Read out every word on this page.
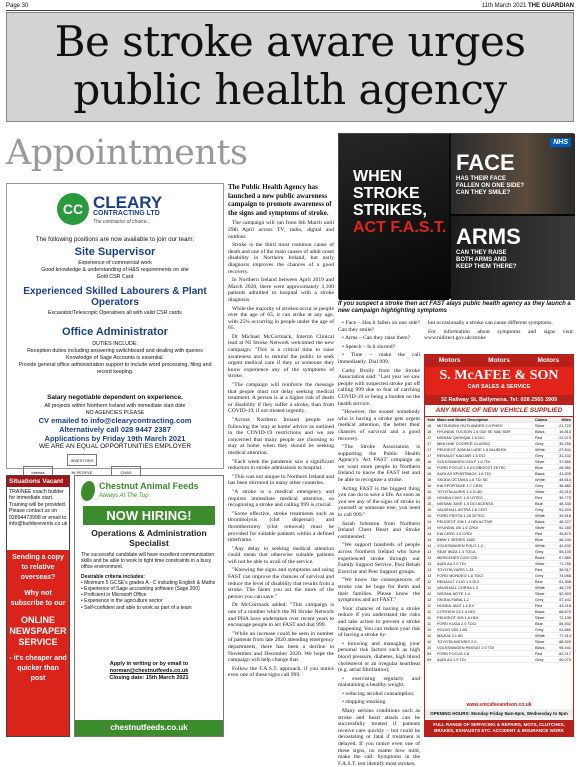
Page 30	11th March 2021 THE GUARDIAN
Be stroke aware urges public health agency
Appointments
CC CLEARY
CONTRACTING LTD
The contractor of choice...
The following positions are now available to join our team:
Site Supervisor
Experience of commercial work
Good knowledge & understanding of H&S requirements on site
Gold CSR Card
Experienced Skilled Labourers & Plant Operators
Excavator/Telescopic Operatives all with valid CSR cards
Office Administrator
DUTIES INCLUDE:
Reception duties including answering switchboard and dealing with queries
Knowledge of Sage Accounts is essential.
Provide general office administration support to include word processing, filing and record keeping.
Salary negotiable dependent on experience.
All projects within Northern Ireland with immediate start date
NO AGENCIES PLEASE
CV emailed to info@clearycontracting.com
Alternatively call 028 9447 2387
Applications by Friday 19th March 2021
WE ARE AN EQUAL OPPORTUNITIES EMPLOYER
Intertek INVESTORS IN PEOPLE	CHAS
Situations Vacant
TRAINEE coach builder for immediate start. Training will be provided. Please contact us on 02894473998 or email to info@builderevents.co.uk
Sending a copy to relative overseas?
Why not subscribe to our
ONLINE NEWSPAPER SERVICE
- it's cheaper and quicker than post
Chestnut Animal Feeds
Always At The Top
NOW HIRING!
Operations & Administration Specialist
The successful candidate will have excellent communication skills and be able to work to tight time constraints in a busy office environment.
Desirable criteria includes:
• Minimum 5 GCSE's grades A - C including English & Maths
• Experience of Sage accounting software (Sage 200)
• Proficient in Microsoft Office
• Experience in the agriculture sector
• Self-confident and able to work as part of a team
Apply in writing or by email to
norman@chestnutfeeds.co.uk
Closing date: 15th March 2021
chestnutfeeds.co.uk
WHEN STROKE
STRIKES,
ACT F.A.S.T.
NHS
FACE
HAS THEIR FACE
FALLEN ON ONE SIDE?
CAN THEY SMILE?
ARMS
CAN THEY RAISE
BOTH ARMS AND
KEEP THEM THERE?
If you suspect a stroke then act FAST alays public health agency as they launch a new campaign highlighting symptoms
The Public Health Agency has launched a new public awareness campaign to promote awareness of the signs and symptoms of stroke.

The campaign will run from 8th March until 29th April across TV, radio, digital and outdoor.

Stroke is the third most common cause of death and one of the main causes of adult onset disability in Northern Ireland, but early diagnosis improves the chances of a good recovery.

In Northern Ireland between April 2019 and March 2020, there were approximately 3,100 patients admitted to hospital with a stroke diagnosis.

While the majority of strokes occur in people over the age of 65, it can strike at any age, with 25% occurring in people under the age of 65.

Dr Michael McCormack, Interim Clinical lead at NI Stroke Network welcomed the new campaign: "This is a critical time to raise awareness and to remind the public to seek urgent medical care if they or someone they know experience any of the symptoms of stroke.

"The campaign will reinforce the message that people must not delay seeking medical treatment. A person is at a higher risk of death or disability if they suffer a stroke, than from COVID-19, if not treated urgently.

"Across Northern Ireland people are following the 'stay at home' advice as outlined in the COVID-19 restrictions and we are concerned that many people are choosing to stay at home when they should be seeking medical attention.

"Each week the pandemic saw a significant reduction in stroke admissions to hospital.

"This was not unique to Northern Ireland and has been mirrored in many other countries.

"A stroke is a medical emergency and requires immediate medical attention, so recognising a stroke and calling 999 is crucial.

"Some effective, stroke treatments such as thrombolysis (clot dispersal) and thrombectomy (clot removal) must be provided for suitable patients within a defined timeframe.

"Any delay in seeking medical attention could mean that otherwise suitable patients will not be able to avail of the service.

"Knowing the signs and symptoms and using FAST can improve the chances of survival and reduce the level of disability that results from a stroke. The faster you act the more of the person you can save."

Dr McCormack added: "This campaign is one of a number which the NI Stroke Network and PHA have undertaken over recent years to encourage people to act FAST and dial 999.

"While an increase could be seen in number of patients from late 2020 attending emergency departments, there has been a decline in November and December 2020. We hope the campaign will help change that.

Follow the F.A.S.T. approach, if you notice even one of these signs call 999.

• Face – Has it fallen on one side? Can they smile?

• Arms – Can they raise them?

• Speech – Is it slurred?

• Time – make the call immediately. Dial 999.

Cathy Brolly from the Stroke Association said: "Last year we saw people with suspected stroke put off calling 999 due to fear of catching COVID-19 or being a burden on the health service.

"However, the sooner somebody who is having a stroke gets urgent medical attention, the better their chances of survival and a good recovery.

"The Stroke Association is supporting the Public Health Agency's 'Act FAST' campaign as we want more people in Northern Ireland to know the FAST test and be able to recognise a stroke.

Acting FAST is the biggest thing you can do to save a life. As soon as you see any of the signs of stroke in yourself or someone else, you need to call 999."

Sarah Johnston from Northern Ireland Chest Heart and Stroke commented:

"We support hundreds of people across Northern Ireland who have experienced stroke through our Family Support Service, Post Rehab Exercise and Peer Support groups.

"We know the consequences of stroke can be huge for them and their families. Please know the symptoms and act FAST."

Your chances of having a stroke reduce if you understand the risks and take action to prevent a stroke happening. You can reduce your risk of having a stroke by:

• knowing and managing your personal risk factors such as high blood pressure, diabetes, high blood cholesterol or an irregular heartbeat (e.g. atrial fibrillation);

• exercising regularly and maintaining a healthy weight;

• reducing alcohol consumption;

• stopping smoking.

Many serious conditions such as stroke and heart attack can be successfully treated if patients receive care quickly – but could be devastating or fatal if treatment is delayed. If you notice even one of these signs, no matter how mild, make the call. Symptoms in the F.A.S.T. test identify most strokes,

but occasionally a stroke can cause different symptoms.

For information about symptoms and signs visit: www.nidirect.gov.uk/stroke

Motors	Motors	Motors
S. McAFEE & SON
CAR SALES & SERVICE
32 Railway St, Ballymena. Tel: 028 2565 3909
ANY MAKE OF NEW VEHICLE SUPPLIED
Year Make and Model Description	Colour	Miles
18	MITSUBISHI OUTLANDER 2.0 PHEV	Silver	21,722
18	HYUNDAI TUCSON 1.6 GDI SE NAV 5DR	Black	16,810
17	NISSAN QASHQAI 1.5 DCI	Red	22,074
17	MINI ONE COOPER CLASSIC	Grey	35,250
17	PEUGEOT 3008 ALLURE 1.6 BLUEHDI	White	27,841
17	RENAULT KADJAR 1.5 DCI	Grey	31,102
16	VOLKSWAGEN GOLF 1.6 TDI	Silver	37,660
16	FORD FOCUS 1.0 ECOBOOST ZETEC	Blue	28,980
16	AUDI A3 SPORTBACK 1.6 TDI	Black	41,205
16	SKODA OCTAVIA 1.6 TDI SE	White	44,610
16	KIA SPORTAGE 1.7 CRDI	Grey	36,882
15	TOYOTA AURIS 1.4 D-4D	Silver	42,019
15	HONDA CIVIC 1.6 I-DTEC	Red	39,775
15	NISSAN JUKE 1.5 DCI ACENTA	Blue	48,330
15	VAUXHALL ASTRA 1.6 CDTI	Grey	51,404
15	FORD FIESTA 1.25 ZETEC	White	33,918
14	PEUGEOT 208 1.4 HDI ACTIVE	Black	46,227
14	HYUNDAI I30 1.6 CRDI	Silver	52,160
14	KIA CEED 1.6 CRDI	Red	49,873
14	BMW 1 SERIES 116D	Blue	58,240
14	VOLKSWAGEN POLO 1.2	White	41,632
13	SEAT IBIZA 1.4 TOCA	Grey	55,104
13	MERCEDES C220 CDI	Black	67,880
13	AUDI A4 2.0 TDI	Silver	71,290
13	TOYOTA YARIS 1.33	Red	38,517
13	FORD MONDEO 1.6 TDCI	Grey	74,066
12	RENAULT CLIO 1.5 DCI	Blue	61,308
12	VAUXHALL CORSA 1.2	White	48,725
12	NISSAN NOTE 1.4	Silver	52,903
12	SKODA FABIA 1.2	Grey	57,441
11	HONDA JAZZ 1.4 EX	Red	43,218
11	CITROEN C3 1.4 HDI	Black	66,870
11	PEUGEOT 308 1.6 HDI	Silver	72,135
11	FORD KUGA 2.0 TDCI	Blue	84,502
10	VOLVO V50 1.6D	Grey	91,660
10	MAZDA 3 1.6D	White	77,314
10	TOYOTA AVENSIS 2.0	Silver	88,920
10	VOLKSWAGEN PASSAT 2.0 TDI	Black	96,441
09	FORD FOCUS 1.6	Red	82,217
09	AUDI A3 1.9 TDI	Grey	99,073
www.smcafeeandson.co.uk
OPENING HOURS: Monday-Friday 9am-6pm, Wednesday to 9pm
FULL RANGE OF SERVICING & REPAIRS, MOTS, CLUTCHES,
BRAKES, EXHAUSTS ETC. ACCIDENT & INSURANCE WORK
